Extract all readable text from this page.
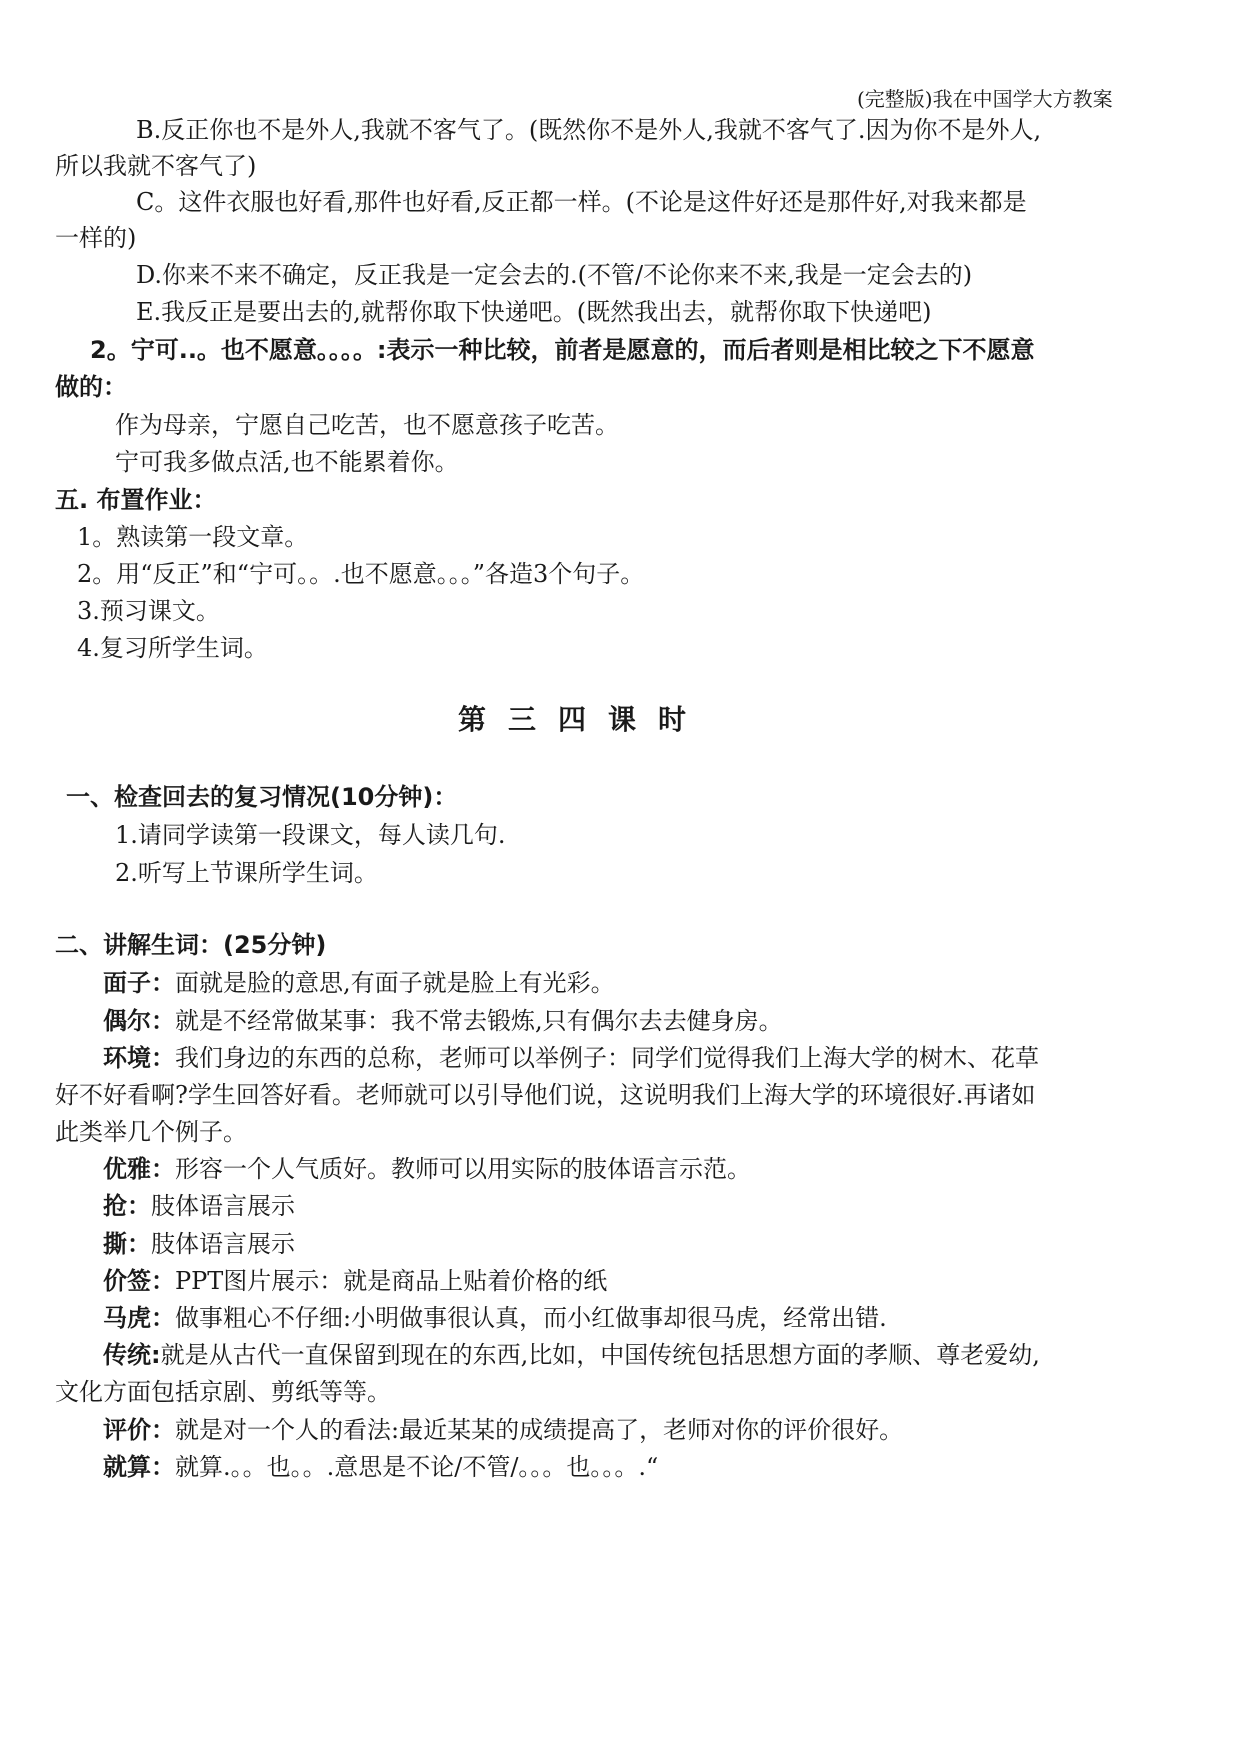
(完整版)我在中国学大方教案
B.反正你也不是外人,我就不客气了。(既然你不是外人,我就不客气了.因为你不是外人,
所以我就不客气了)
C。这件衣服也好看,那件也好看,反正都一样。(不论是这件好还是那件好,对我来都是
一样的)
D.你来不来不确定，反正我是一定会去的.(不管/不论你来不来,我是一定会去的)
E.我反正是要出去的,就帮你取下快递吧。(既然我出去，就帮你取下快递吧)
2。宁可..。也不愿意。。。。:表示一种比较，前者是愿意的，而后者则是相比较之下不愿意
做的：
作为母亲，宁愿自己吃苦，也不愿意孩子吃苦。
宁可我多做点活,也不能累着你。
五. 布置作业：
1。熟读第一段文章。
2。用“反正”和“宁可。。.也不愿意。。。”各造3个句子。
3.预习课文。
4.复习所学生词。
第三四课时
一、检查回去的复习情况(10分钟)：
1.请同学读第一段课文，每人读几句.
2.听写上节课所学生词。
二、讲解生词：(25分钟)
面子：面就是脸的意思,有面子就是脸上有光彩。
偶尔：就是不经常做某事：我不常去锻炼,只有偶尔去去健身房。
环境：我们身边的东西的总称，老师可以举例子：同学们觉得我们上海大学的树木、花草
好不好看啊?学生回答好看。老师就可以引导他们说，这说明我们上海大学的环境很好.再诸如
此类举几个例子。
优雅：形容一个人气质好。教师可以用实际的肢体语言示范。
抢：肢体语言展示
撕：肢体语言展示
价签：PPT图片展示：就是商品上贴着价格的纸
马虎：做事粗心不仔细:小明做事很认真，而小红做事却很马虎，经常出错.
传统:就是从古代一直保留到现在的东西,比如，中国传统包括思想方面的孝顺、尊老爱幼,
文化方面包括京剧、剪纸等等。
评价：就是对一个人的看法:最近某某的成绩提高了，老师对你的评价很好。
就算：就算.。。也。。.意思是不论/不管/。。。也。。。.“
